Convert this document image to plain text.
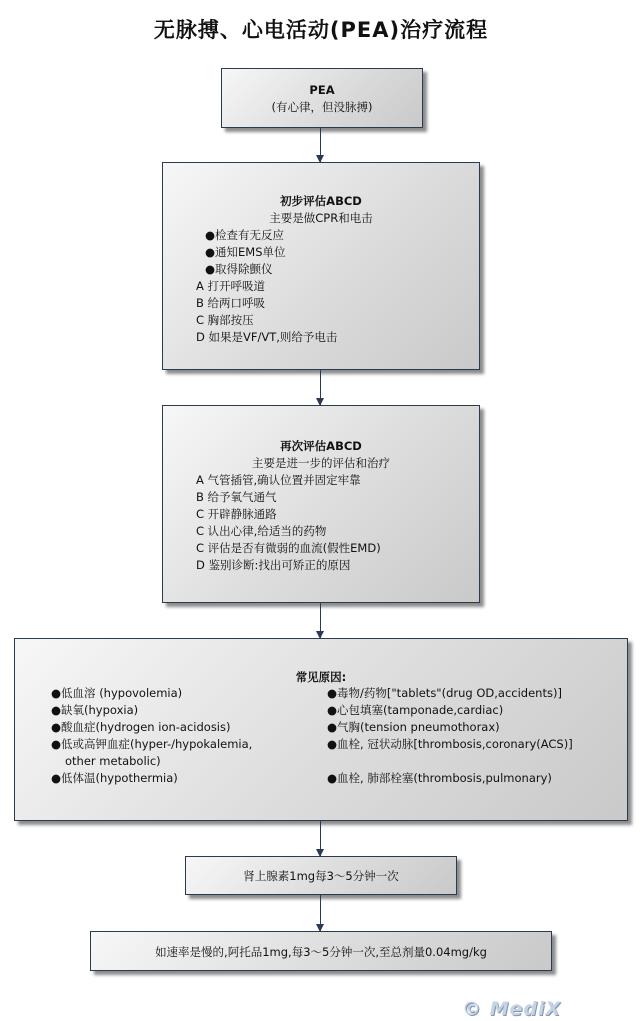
无脉搏、心电活动(PEA)治疗流程
PEA
(有心律，但没脉搏)
初步评估ABCD
主要是做CPR和电击
●检查有无反应
●通知EMS单位
●取得除颤仪
A 打开呼吸道
B 给两口呼吸
C 胸部按压
D 如果是VF/VT,则给予电击
再次评估ABCD
主要是进一步的评估和治疗
A 气管插管,确认位置并固定牢靠
B 给予氧气通气
C 开辟静脉通路
C 认出心律,给适当的药物
C 评估是否有微弱的血流(假性EMD)
D 鉴别诊断:找出可矫正的原因
常见原因:
●低血溶 (hypovolemia)
●缺氧(hypoxia)
●酸血症(hydrogen ion-acidosis)
●低或高钾血症(hyper-/hypokalemia,
other metabolic)
●低体温(hypothermia)
●毒物/药物["tablets"(drug OD,accidents)]
●心包填塞(tamponade,cardiac)
●气胸(tension pneumothorax)
●血栓, 冠状动脉[thrombosis,coronary(ACS)]
●血栓, 肺部栓塞(thrombosis,pulmonary)
肾上腺素1mg每3～5分钟一次
如速率是慢的,阿托品1mg,每3～5分钟一次,至总剂量0.04mg/kg
© MediX
